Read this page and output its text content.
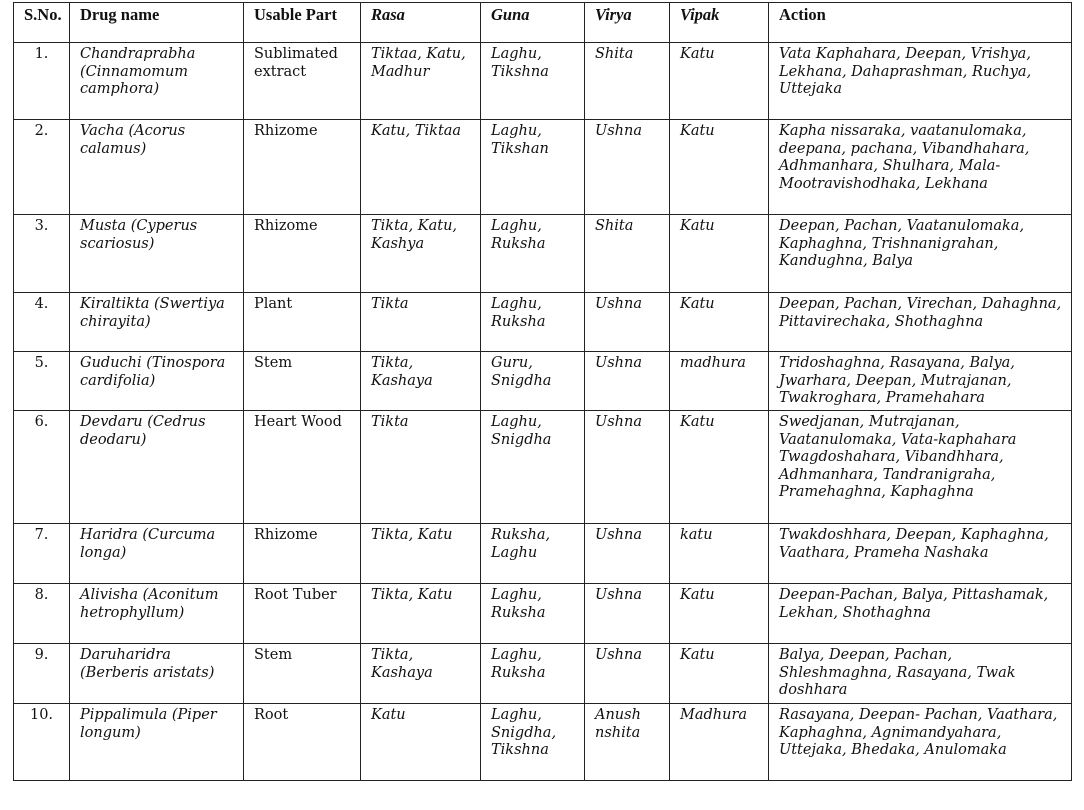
S.No.	Drug name	Usable Part	Rasa	Guna	Virya	Vipak	Action
1.	Chandraprabha (Cinnamomum camphora)	Sublimated extract	Tiktaa, Katu, Madhur	Laghu, Tikshna	Shita	Katu	Vata Kaphahara, Deepan, Vrishya, Lekhana, Dahaprashman, Ruchya, Uttejaka
2.	Vacha (Acorus calamus)	Rhizome	Katu, Tiktaa	Laghu, Tikshan	Ushna	Katu	Kapha nissaraka, vaatanulomaka, deepana, pachana, Vibandhahara, Adhmanhara, Shulhara, Mala-Mootravishodhaka, Lekhana
3.	Musta (Cyperus scariosus)	Rhizome	Tikta, Katu, Kashya	Laghu, Ruksha	Shita	Katu	Deepan, Pachan, Vaatanulomaka, Kaphaghna, Trishnanigrahan, Kandughna, Balya
4.	Kiraltikta (Swertiya chirayita)	Plant	Tikta	Laghu, Ruksha	Ushna	Katu	Deepan, Pachan, Virechan, Dahaghna, Pittavirechaka, Shothaghna
5.	Guduchi (Tinospora cardifolia)	Stem	Tikta, Kashaya	Guru, Snigdha	Ushna	madhura	Tridoshaghna, Rasayana, Balya, Jwarhara, Deepan, Mutrajanan, Twakroghara, Pramehahara
6.	Devdaru (Cedrus deodaru)	Heart Wood	Tikta	Laghu, Snigdha	Ushna	Katu	Swedjanan, Mutrajanan, Vaatanulomaka, Vata-kaphahara Twagdoshahara, Vibandhhara, Adhmanhara, Tandranigraha, Pramehaghna, Kaphaghna
7.	Haridra (Curcuma longa)	Rhizome	Tikta, Katu	Ruksha, Laghu	Ushna	katu	Twakdoshhara, Deepan, Kaphaghna, Vaathara, Prameha Nashaka
8.	Alivisha (Aconitum hetrophyllum)	Root Tuber	Tikta, Katu	Laghu, Ruksha	Ushna	Katu	Deepan-Pachan, Balya, Pittashamak, Lekhan, Shothaghna
9.	Daruharidra (Berberis aristats)	Stem	Tikta, Kashaya	Laghu, Ruksha	Ushna	Katu	Balya, Deepan, Pachan, Shleshmaghna, Rasayana, Twak doshhara
10.	Pippalimula (Piper longum)	Root	Katu	Laghu, Snigdha, Tikshna	Anush nshita	Madhura	Rasayana, Deepan- Pachan, Vaathara, Kaphaghna, Agnimandyahara, Uttejaka, Bhedaka, Anulomaka
